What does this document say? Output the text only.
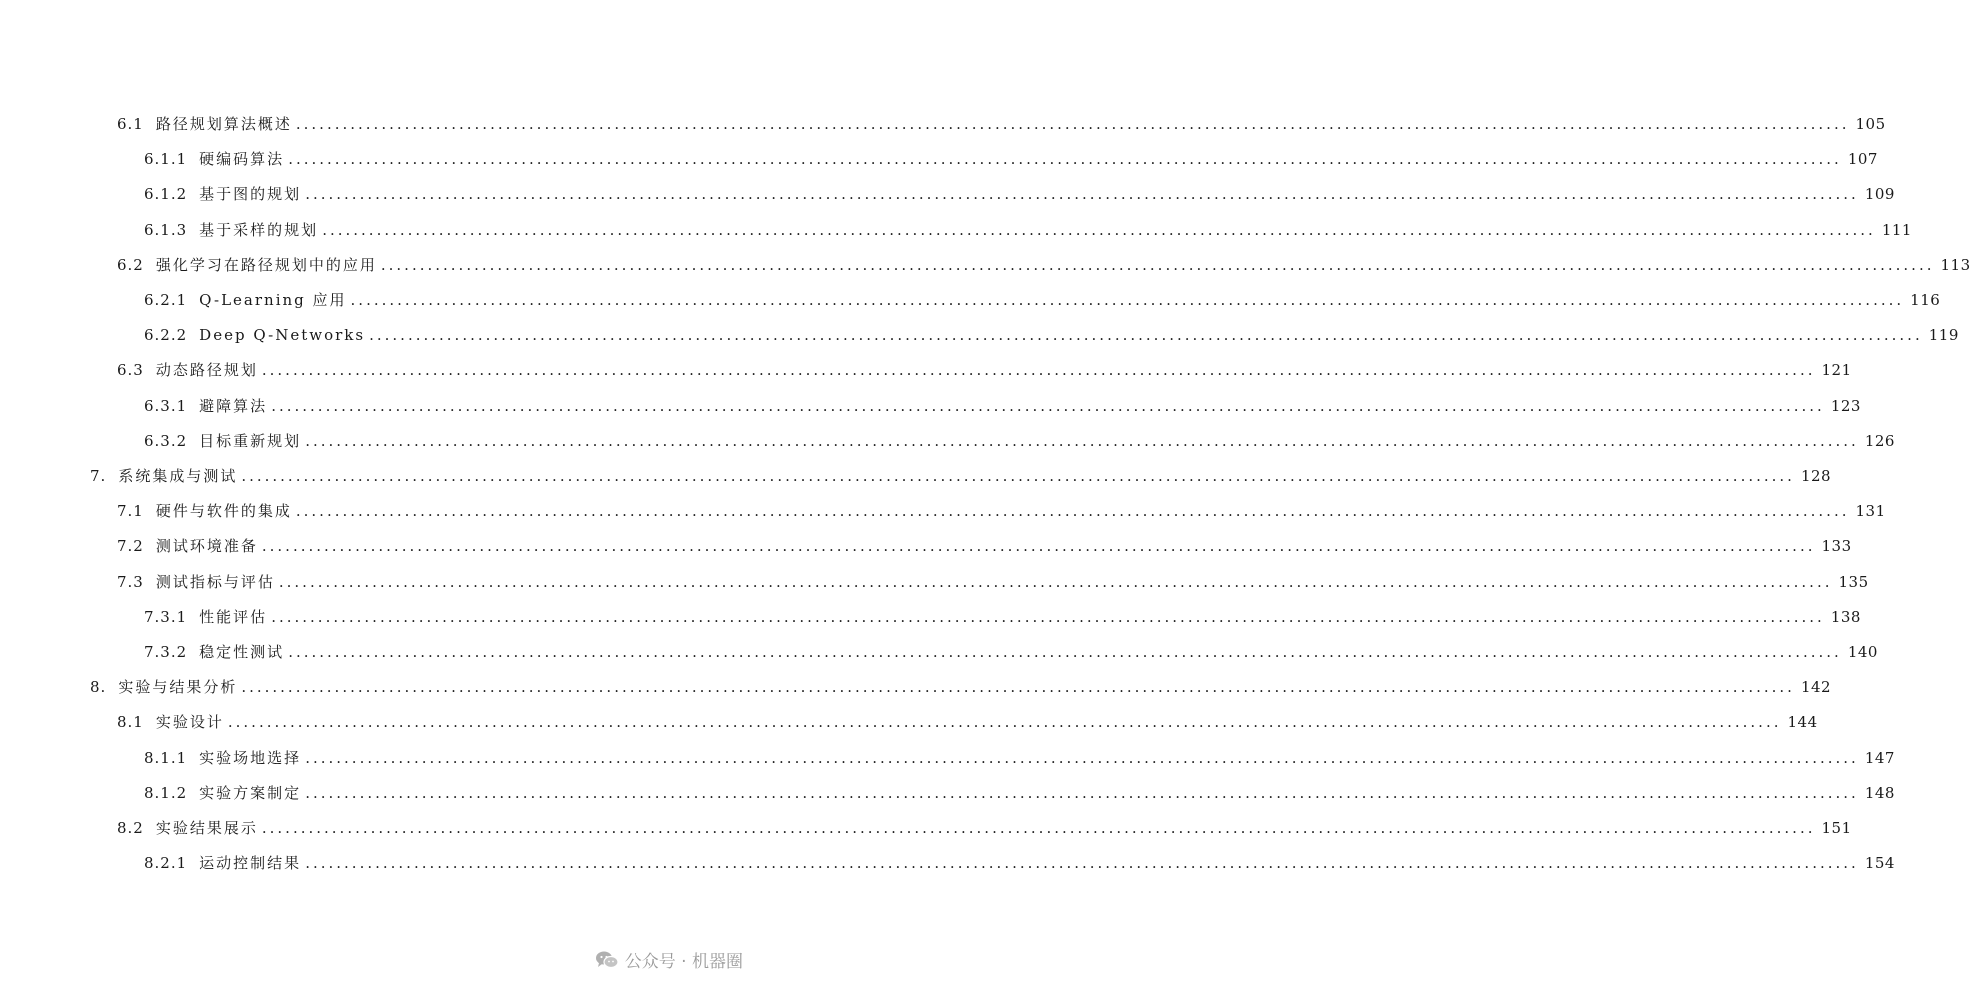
6.1 路径规划算法概述 ........................................................................................................................................................................................................ 105
6.1.1 硬编码算法 ........................................................................................................................................................................................................ 107
6.1.2 基于图的规划 ........................................................................................................................................................................................................ 109
6.1.3 基于采样的规划 ........................................................................................................................................................................................................ 111
6.2 强化学习在路径规划中的应用 ........................................................................................................................................................................................................ 113
6.2.1 Q-Learning 应用 ........................................................................................................................................................................................................ 116
6.2.2 Deep Q-Networks ........................................................................................................................................................................................................ 119
6.3 动态路径规划 ........................................................................................................................................................................................................ 121
6.3.1 避障算法 ........................................................................................................................................................................................................ 123
6.3.2 目标重新规划 ........................................................................................................................................................................................................ 126
7. 系统集成与测试 ........................................................................................................................................................................................................ 128
7.1 硬件与软件的集成 ........................................................................................................................................................................................................ 131
7.2 测试环境准备 ........................................................................................................................................................................................................ 133
7.3 测试指标与评估 ........................................................................................................................................................................................................ 135
7.3.1 性能评估 ........................................................................................................................................................................................................ 138
7.3.2 稳定性测试 ........................................................................................................................................................................................................ 140
8. 实验与结果分析 ........................................................................................................................................................................................................ 142
8.1 实验设计 ........................................................................................................................................................................................................ 144
8.1.1 实验场地选择 ........................................................................................................................................................................................................ 147
8.1.2 实验方案制定 ........................................................................................................................................................................................................ 148
8.2 实验结果展示 ........................................................................................................................................................................................................ 151
8.2.1 运动控制结果 ........................................................................................................................................................................................................ 154
公众号 · 机器圈
